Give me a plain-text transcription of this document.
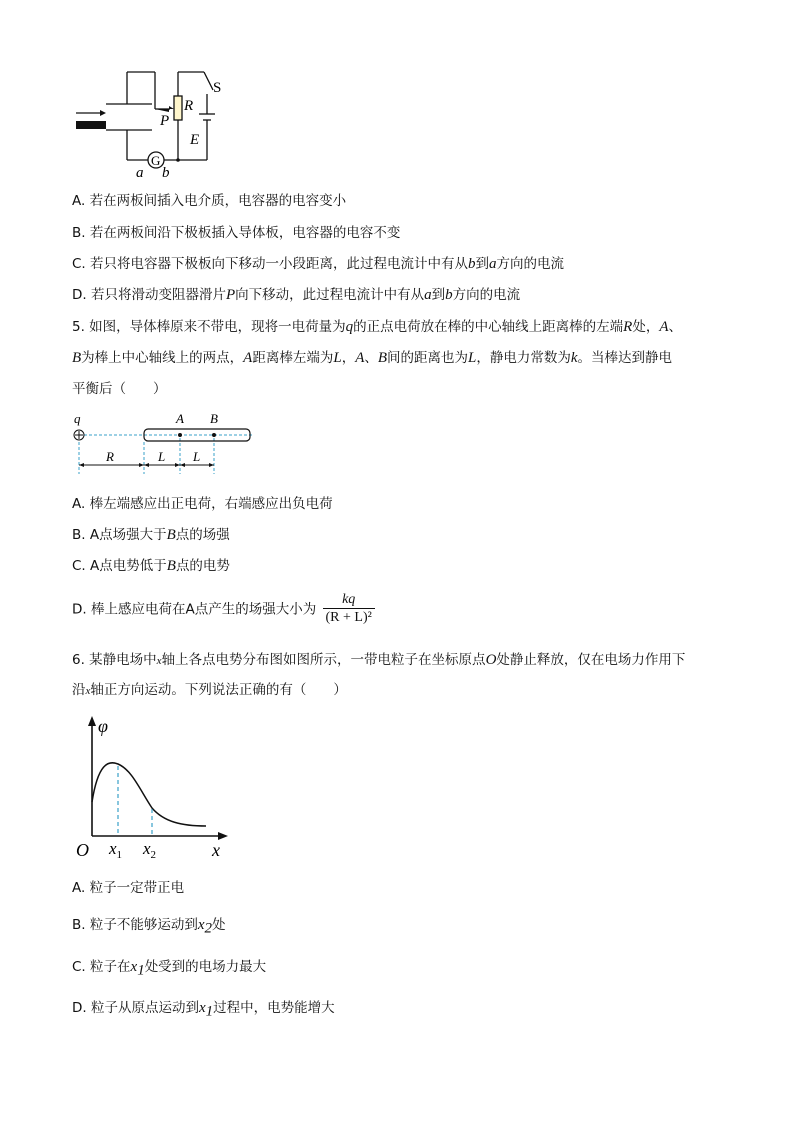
S
R
P
E
G
a b
A. 若在两板间插入电介质，电容器的电容变小
B. 若在两板间沿下极板插入导体板，电容器的电容不变
C. 若只将电容器下极板向下移动一小段距离，此过程电流计中有从b到a方向的电流
D. 若只将滑动变阻器滑片P向下移动，此过程电流计中有从a到b方向的电流
5. 如图，导体棒原来不带电，现将一电荷量为q的正点电荷放在棒的中心轴线上距离棒的左端R处，A、
B为棒上中心轴线上的两点，A距离棒左端为L，A、B间的距离也为L，静电力常数为k。当棒达到静电
平衡后（　　）
q	A B
R	L L
A. 棒左端感应出正电荷，右端感应出负电荷
B. A点场强大于B点的场强
C. A点电势低于B点的电势
D. 棒上感应电荷在A点产生的场强大小为 $\frac{kq}{\text{(R + L)²}}$
6. 某静电场中x轴上各点电势分布图如图所示，一带电粒子在坐标原点O处静止释放，仅在电场力作用下
沿x轴正方向运动。下列说法正确的有（　　）
φ
O $x_1$ $x_2$	x
A. 粒子一定带正电
B. 粒子不能够运动到$x_2$处
C. 粒子在$x_1$处受到的电场力最大
D. 粒子从原点运动到$x_1$过程中，电势能增大
